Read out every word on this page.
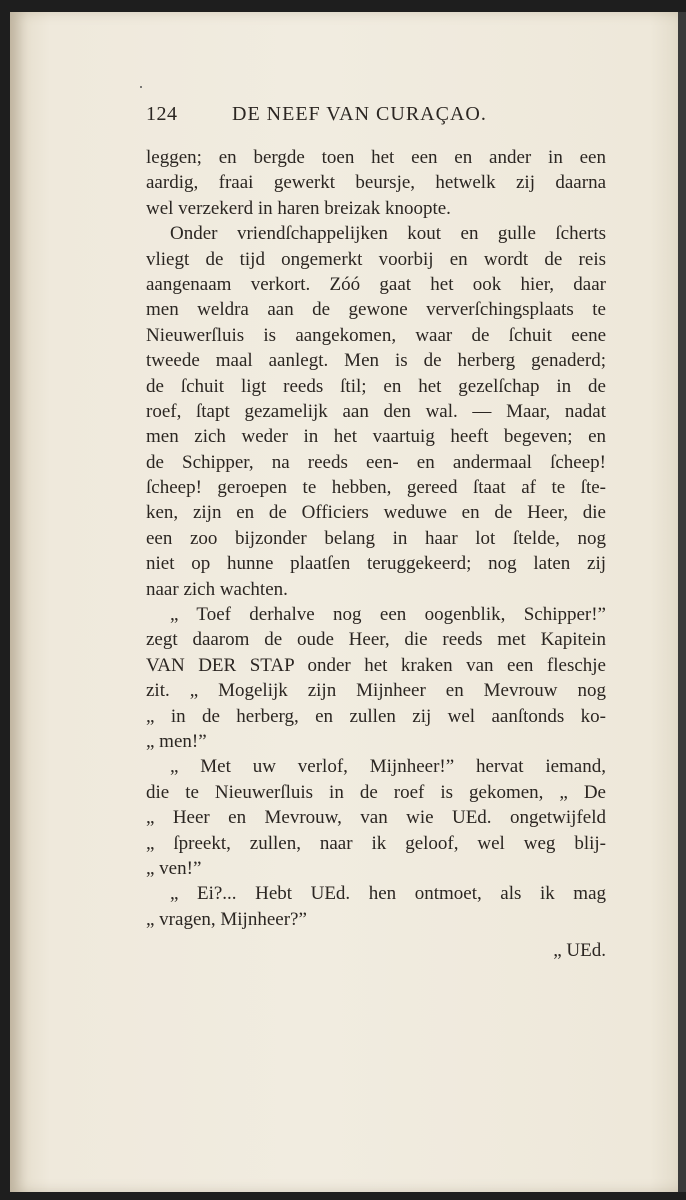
124	DE NEEF VAN CURAÇAO.
leggen; en bergde toen het een en ander in een
aardig, fraai gewerkt beursje, hetwelk zij daarna
wel verzekerd in haren breizak knoopte.
Onder vriendſchappelijken kout en gulle ſcherts
vliegt de tijd ongemerkt voorbij en wordt de reis
aangenaam verkort. Zóó gaat het ook hier, daar
men weldra aan de gewone ververſchingsplaats te
Nieuwerſluis is aangekomen, waar de ſchuit eene
tweede maal aanlegt. Men is de herberg genaderd;
de ſchuit ligt reeds ſtil; en het gezelſchap in de
roef, ſtapt gezamelijk aan den wal. — Maar, nadat
men zich weder in het vaartuig heeft begeven; en
de Schipper, na reeds een- en andermaal ſcheep!
ſcheep! geroepen te hebben, gereed ſtaat af te ſte-
ken, zijn en de Officiers weduwe en de Heer, die
een zoo bijzonder belang in haar lot ſtelde, nog
niet op hunne plaatſen teruggekeerd; nog laten zij
naar zich wachten.
„ Toef derhalve nog een oogenblik, Schipper!”
zegt daarom de oude Heer, die reeds met Kapitein
VAN DER STAP onder het kraken van een fleschje
zit. „ Mogelijk zijn Mijnheer en Mevrouw nog
„ in de herberg, en zullen zij wel aanſtonds ko-
„ men!”
„ Met uw verlof, Mijnheer!” hervat iemand,
die te Nieuwerſluis in de roef is gekomen, „ De
„ Heer en Mevrouw, van wie UEd. ongetwijfeld
„ ſpreekt, zullen, naar ik geloof, wel weg blij-
„ ven!”
„ Ei?... Hebt UEd. hen ontmoet, als ik mag
„ vragen, Mijnheer?”
„ UEd.
